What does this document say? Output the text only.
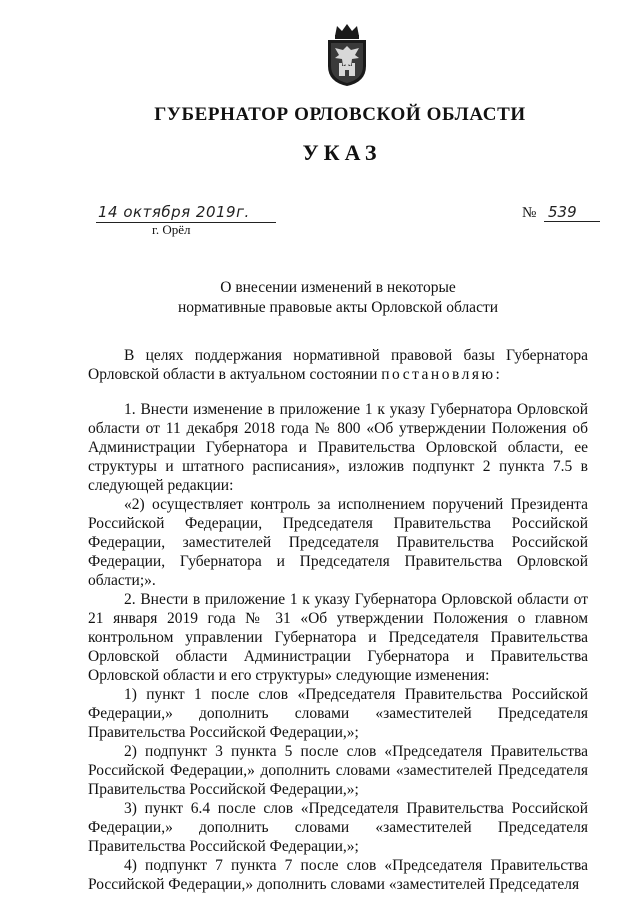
ГУБЕРНАТОР ОРЛОВСКОЙ ОБЛАСТИ
УКАЗ
14 октября 2019г.
г. Орёл
№ 539
О внесении изменений в некоторые
нормативные правовые акты Орловской области

В целях поддержания нормативной правовой базы Губернатора Орловской области в актуальном состоянии постановляю:

1. Внести изменение в приложение 1 к указу Губернатора Орловской области от 11 декабря 2018 года № 800 «Об утверждении Положения об Администрации Губернатора и Правительства Орловской области, ее структуры и штатного расписания», изложив подпункт 2 пункта 7.5 в следующей редакции:

«2) осуществляет контроль за исполнением поручений Президента Российской Федерации, Председателя Правительства Российской Федерации, заместителей Председателя Правительства Российской Федерации, Губернатора и Председателя Правительства Орловской области;».

2. Внести в приложение 1 к указу Губернатора Орловской области от 21 января 2019 года № 31 «Об утверждении Положения о главном контрольном управлении Губернатора и Председателя Правительства Орловской области Администрации Губернатора и Правительства Орловской области и его структуры» следующие изменения:

1) пункт 1 после слов «Председателя Правительства Российской Федерации,» дополнить словами «заместителей Председателя Правительства Российской Федерации,»;

2) подпункт 3 пункта 5 после слов «Председателя Правительства Российской Федерации,» дополнить словами «заместителей Председателя Правительства Российской Федерации,»;

3) пункт 6.4 после слов «Председателя Правительства Российской Федерации,» дополнить словами «заместителей Председателя Правительства Российской Федерации,»;

4) подпункт 7 пункта 7 после слов «Председателя Правительства Российской Федерации,» дополнить словами «заместителей Председателя
